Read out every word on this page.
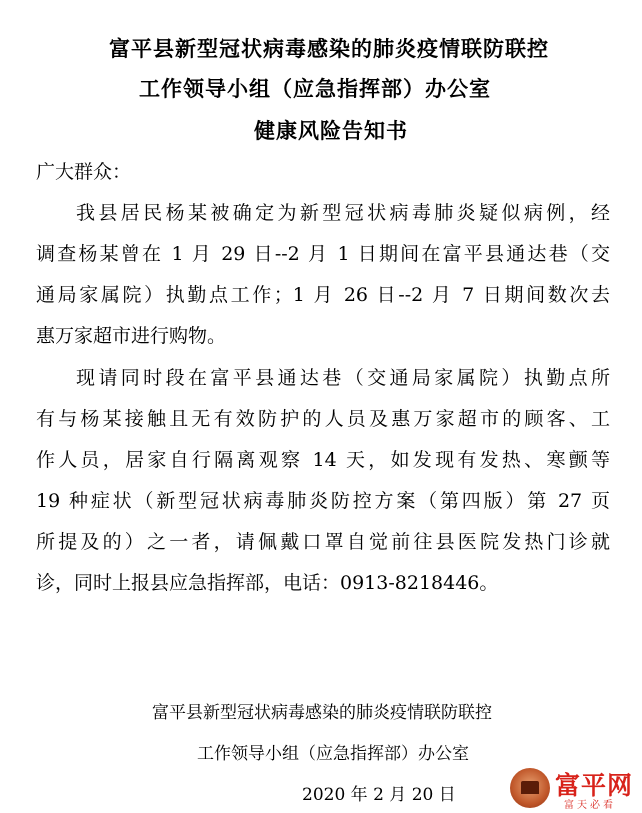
富平县新型冠状病毒感染的肺炎疫情联防联控
工作领导小组（应急指挥部）办公室
健康风险告知书
广大群众：
我县居民杨某被确定为新型冠状病毒肺炎疑似病例，经
调查杨某曾在 1 月 29 日--2 月 1 日期间在富平县通达巷（交
通局家属院）执勤点工作；1 月 26 日--2 月 7 日期间数次去
惠万家超市进行购物。
现请同时段在富平县通达巷（交通局家属院）执勤点所
有与杨某接触且无有效防护的人员及惠万家超市的顾客、工
作人员，居家自行隔离观察 14 天，如发现有发热、寒颤等
19 种症状（新型冠状病毒肺炎防控方案（第四版）第 27 页
所提及的）之一者，请佩戴口罩自觉前往县医院发热门诊就
诊，同时上报县应急指挥部，电话：0913-8218446。
富平县新型冠状病毒感染的肺炎疫情联防联控
工作领导小组（应急指挥部）办公室
2020 年 2 月 20 日	富平网
富天必看
